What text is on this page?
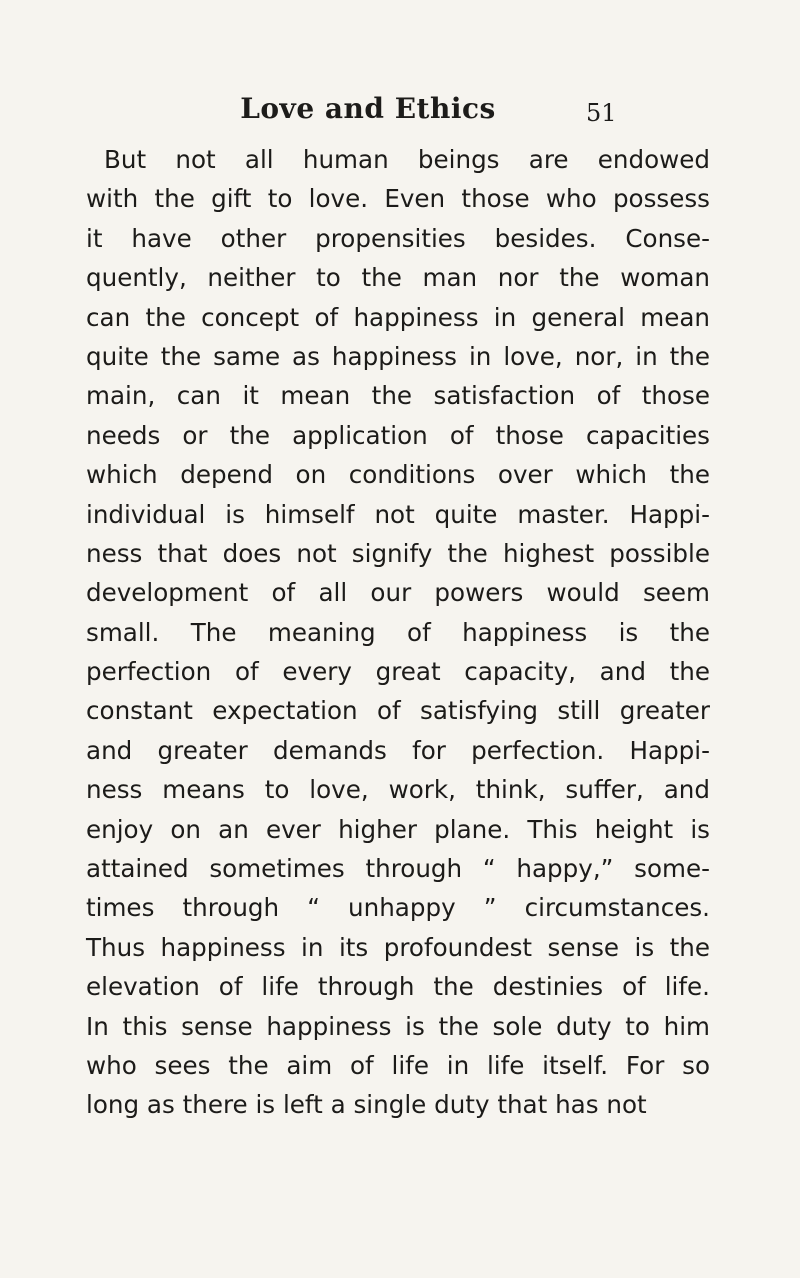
Love and Ethics	51
But not all human beings are endowed
with the gift to love. Even those who possess
it have other propensities besides. Conse-
quently, neither to the man nor the woman
can the concept of happiness in general mean
quite the same as happiness in love, nor, in the
main, can it mean the satisfaction of those
needs or the application of those capacities
which depend on conditions over which the
individual is himself not quite master. Happi-
ness that does not signify the highest possible
development of all our powers would seem
small. The meaning of happiness is the
perfection of every great capacity, and the
constant expectation of satisfying still greater
and greater demands for perfection. Happi-
ness means to love, work, think, suffer, and
enjoy on an ever higher plane. This height is
attained sometimes through “ happy,” some-
times through “ unhappy ” circumstances.
Thus happiness in its profoundest sense is the
elevation of life through the destinies of life.
In this sense happiness is the sole duty to him
who sees the aim of life in life itself. For so
long as there is left a single duty that has not
